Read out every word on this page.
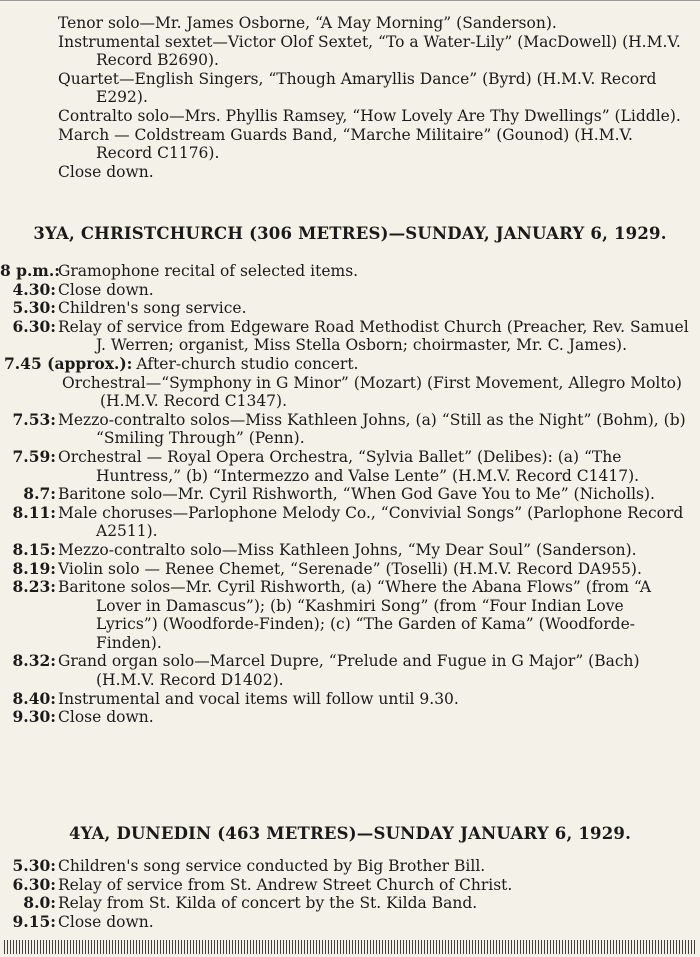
Tenor solo—Mr. James Osborne, “A May Morning” (Sanderson).

Instrumental sextet—Victor Olof Sextet, “To a Water-Lily” (MacDowell) (H.M.V. Record B2690).

Quartet—English Singers, “Though Amaryllis Dance” (Byrd) (H.M.V. Record E292).

Contralto solo—Mrs. Phyllis Ramsey, “How Lovely Are Thy Dwellings” (Liddle).

March — Coldstream Guards Band, “Marche Militaire” (Gounod) (H.M.V. Record C1176).

Close down.

3YA, CHRISTCHURCH (306 METRES)—SUNDAY, JANUARY 6, 1929.
8 p.m.:
Gramophone recital of selected items.
4.30: Close down.
5.30: Children's song service.
6.30: Relay of service from Edgeware Road Methodist Church (Preacher, Rev. Samuel J. Werren; organist, Miss Stella Osborn; choirmaster, Mr. C. James).
7.45 (approx.): After-church studio concert.

Orchestral—“Symphony in G Minor” (Mozart) (First Movement, Allegro Molto) (H.M.V. Record C1347).

7.53: Mezzo-contralto solos—Miss Kathleen Johns, (a) “Still as the Night” (Bohm), (b) “Smiling Through” (Penn).
7.59: Orchestral — Royal Opera Orchestra, “Sylvia Ballet” (Delibes): (a) “The Huntress,” (b) “Intermezzo and Valse Lente” (H.M.V. Record C1417).
8.7: Baritone solo—Mr. Cyril Rishworth, “When God Gave You to Me” (Nicholls).
8.11: Male choruses—Parlophone Melody Co., “Convivial Songs” (Parlophone Record A2511).
8.15: Mezzo-contralto solo—Miss Kathleen Johns, “My Dear Soul” (Sanderson).
8.19: Violin solo — Renee Chemet, “Serenade” (Toselli) (H.M.V. Record DA955).
8.23: Baritone solos—Mr. Cyril Rishworth, (a) “Where the Abana Flows” (from “A Lover in Damascus”); (b) “Kashmiri Song” (from “Four Indian Love Lyrics”) (Woodforde-Finden); (c) “The Garden of Kama” (Woodforde-Finden).
8.32: Grand organ solo—Marcel Dupre, “Prelude and Fugue in G Major” (Bach) (H.M.V. Record D1402).
8.40: Instrumental and vocal items will follow until 9.30.
9.30: Close down.
4YA, DUNEDIN (463 METRES)—SUNDAY JANUARY 6, 1929.
5.30: Children's song service conducted by Big Brother Bill.
6.30: Relay of service from St. Andrew Street Church of Christ.
8.0: Relay from St. Kilda of concert by the St. Kilda Band.
9.15: Close down.
